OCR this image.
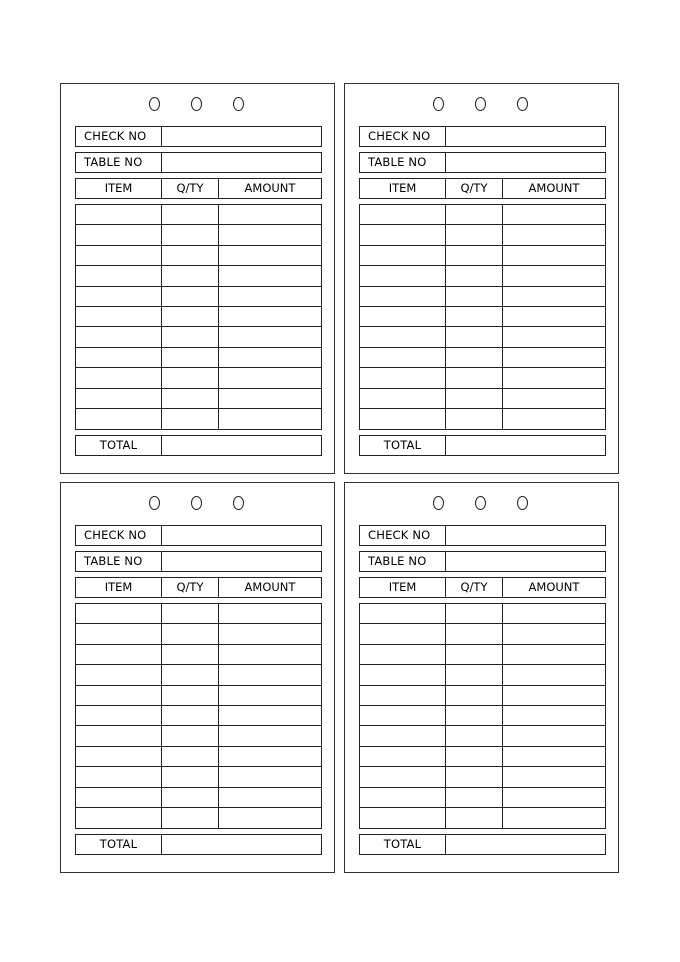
CHECK NO
TABLE NO
ITEM	Q/TY	AMOUNT
TOTAL
CHECK NO
TABLE NO
ITEM	Q/TY	AMOUNT
TOTAL
CHECK NO
TABLE NO
ITEM	Q/TY	AMOUNT
TOTAL
CHECK NO
TABLE NO
ITEM	Q/TY	AMOUNT
TOTAL
